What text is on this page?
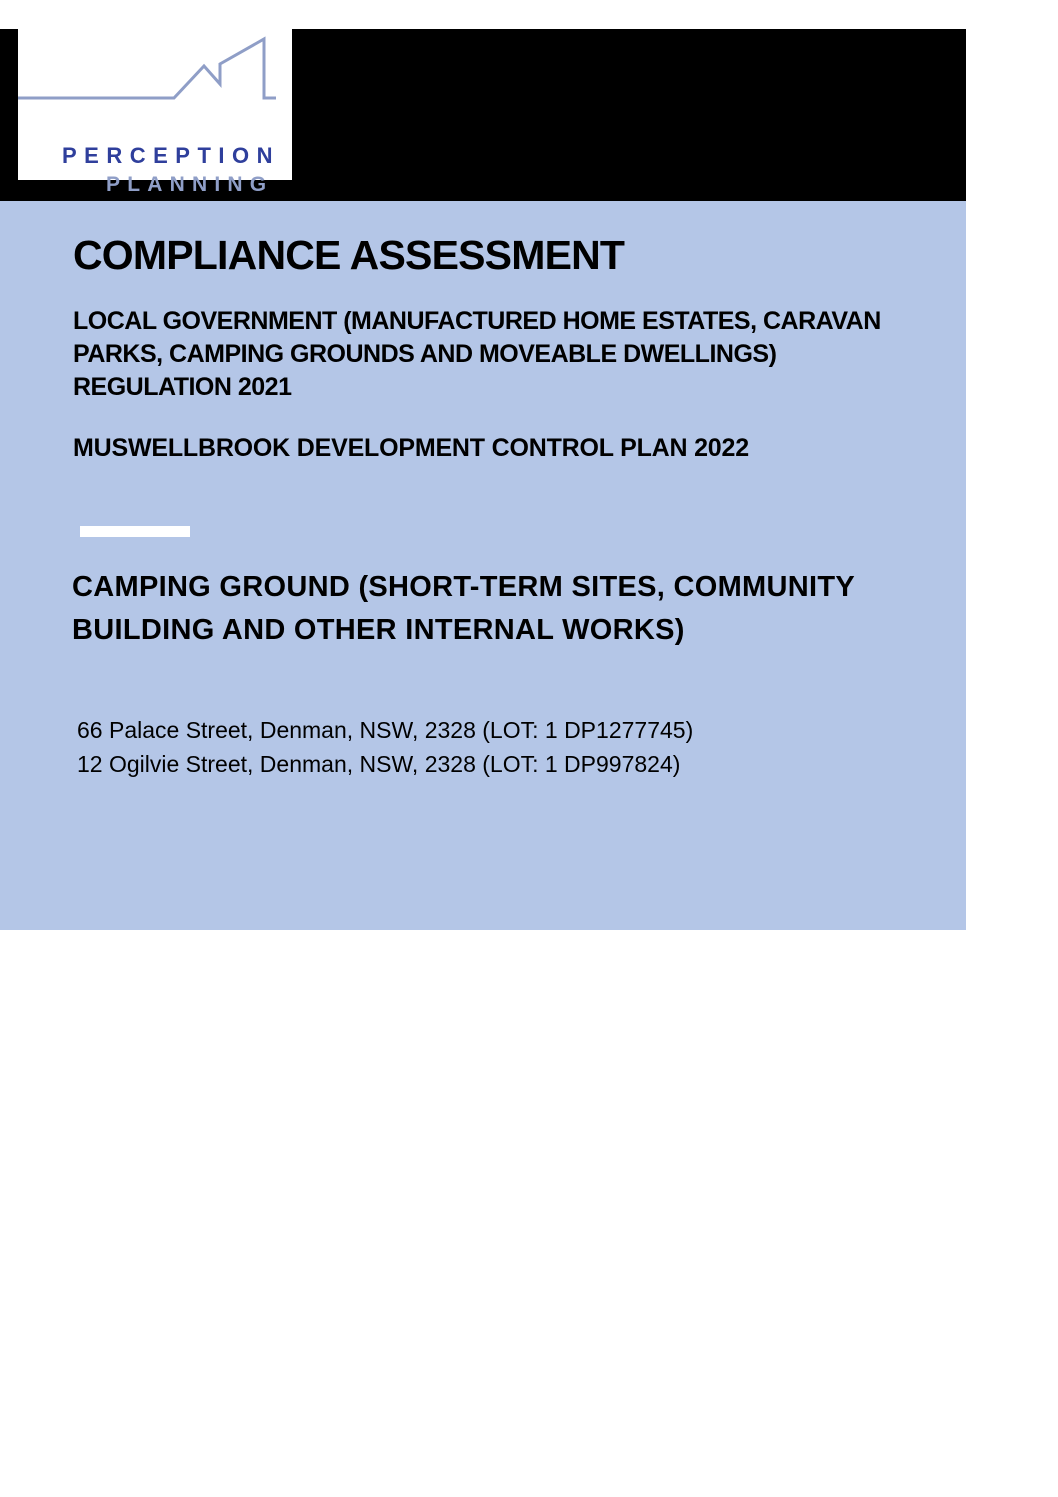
PERCEPTION
PLANNING
COMPLIANCE ASSESSMENT
LOCAL GOVERNMENT (MANUFACTURED HOME ESTATES, CARAVAN PARKS, CAMPING GROUNDS AND MOVEABLE DWELLINGS) REGULATION 2021
MUSWELLBROOK DEVELOPMENT CONTROL PLAN 2022
CAMPING GROUND (SHORT-TERM SITES, COMMUNITY BUILDING AND OTHER INTERNAL WORKS)
66 Palace Street, Denman, NSW, 2328 (LOT: 1 DP1277745)
12 Ogilvie Street, Denman, NSW, 2328 (LOT: 1 DP997824)
